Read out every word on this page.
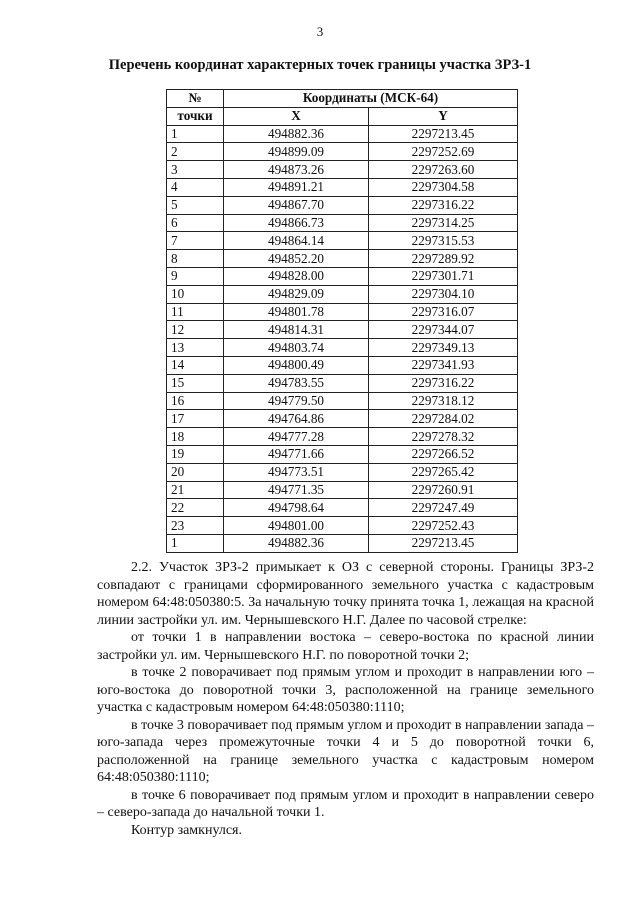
3
Перечень координат характерных точек границы участка ЗРЗ-1
№	Координаты (МСК-64)	
точки	X	Y
1	494882.36	2297213.45
2	494899.09	2297252.69
3	494873.26	2297263.60
4	494891.21	2297304.58
5	494867.70	2297316.22
6	494866.73	2297314.25
7	494864.14	2297315.53
8	494852.20	2297289.92
9	494828.00	2297301.71
10	494829.09	2297304.10
11	494801.78	2297316.07
12	494814.31	2297344.07
13	494803.74	2297349.13
14	494800.49	2297341.93
15	494783.55	2297316.22
16	494779.50	2297318.12
17	494764.86	2297284.02
18	494777.28	2297278.32
19	494771.66	2297266.52
20	494773.51	2297265.42
21	494771.35	2297260.91
22	494798.64	2297247.49
23	494801.00	2297252.43
1	494882.36	2297213.45

2.2. Участок ЗРЗ-2 примыкает к ОЗ с северной стороны. Границы ЗРЗ-2 совпадают с границами сформированного земельного участка с кадастровым номером 64:48:050380:5. За начальную точку принята точка 1, лежащая на красной линии застройки ул. им. Чернышевского Н.Г. Далее по часовой стрелке:

от точки 1 в направлении востока – северо-востока по красной линии застройки ул. им. Чернышевского Н.Г. по поворотной точки 2;

в точке 2 поворачивает под прямым углом и проходит в направлении юго – юго-востока до поворотной точки 3, расположенной на границе земельного участка с кадастровым номером 64:48:050380:1110;

в точке 3 поворачивает под прямым углом и проходит в направлении запада – юго-запада через промежуточные точки 4 и 5 до поворотной точки 6, расположенной на границе земельного участка с кадастровым номером 64:48:050380:1110;

в точке 6 поворачивает под прямым углом и проходит в направлении северо – северо-запада до начальной точки 1.

Контур замкнулся.
